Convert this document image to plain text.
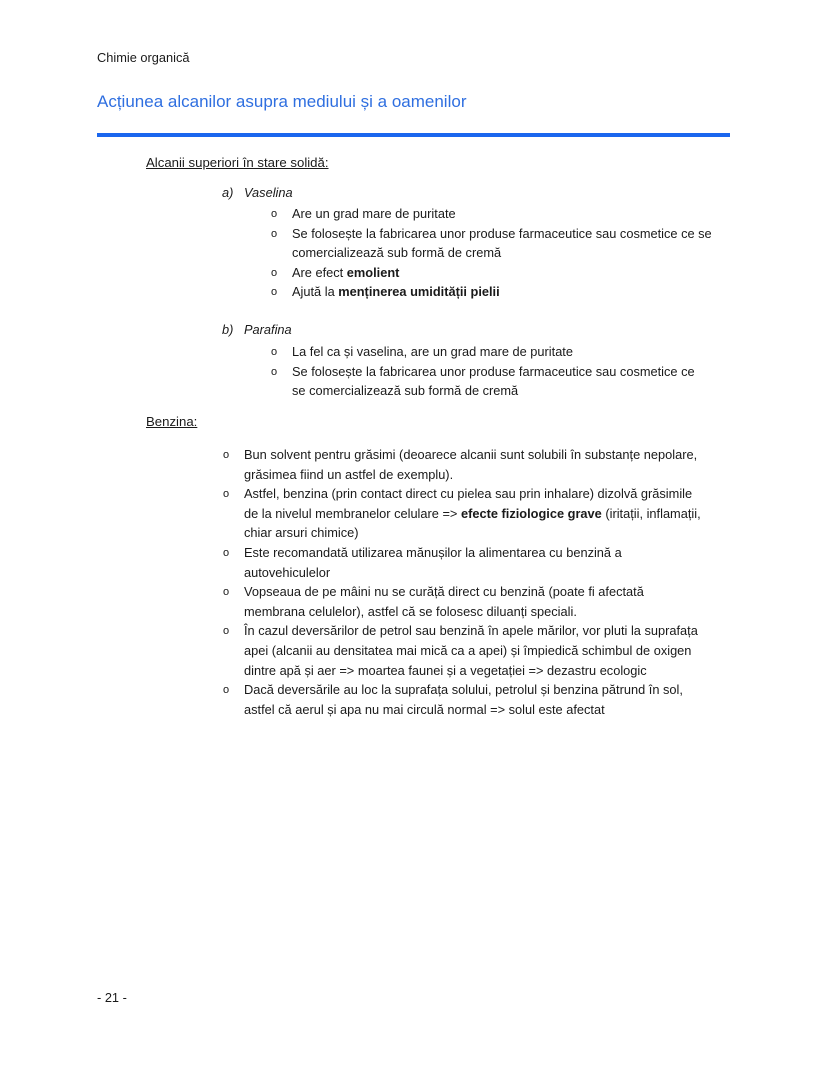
Chimie organică
Acțiunea alcanilor asupra mediului și a oamenilor
Alcanii superiori în stare solidă:
a) Vaselina
b) Parafina
Benzina:
o Are un grad mare de puritate
o Se folosește la fabricarea unor produse farmaceutice sau cosmetice ce se
comercializează sub formă de cremă
o Are efect emolient
o Ajută la menținerea umidității pielii
o La fel ca și vaselina, are un grad mare de puritate
o Se folosește la fabricarea unor produse farmaceutice sau cosmetice ce
se comercializează sub formă de cremă
o Bun solvent pentru grăsimi (deoarece alcanii sunt solubili în substanțe nepolare,
grăsimea fiind un astfel de exemplu).
o Astfel, benzina (prin contact direct cu pielea sau prin inhalare) dizolvă grăsimile
de la nivelul membranelor celulare => efecte fiziologice grave (iritații, inflamații,
chiar arsuri chimice)
o Este recomandată utilizarea mănușilor la alimentarea cu benzină a
autovehiculelor
o Vopseaua de pe mâini nu se curăță direct cu benzină (poate fi afectată
membrana celulelor), astfel că se folosesc diluanți speciali.
o În cazul deversărilor de petrol sau benzină în apele mărilor, vor pluti la suprafața
apei (alcanii au densitatea mai mică ca a apei) și împiedică schimbul de oxigen
dintre apă și aer => moartea faunei și a vegetației => dezastru ecologic
o Dacă deversările au loc la suprafața solului, petrolul și benzina pătrund în sol,
astfel că aerul și apa nu mai circulă normal => solul este afectat
- 21 -
